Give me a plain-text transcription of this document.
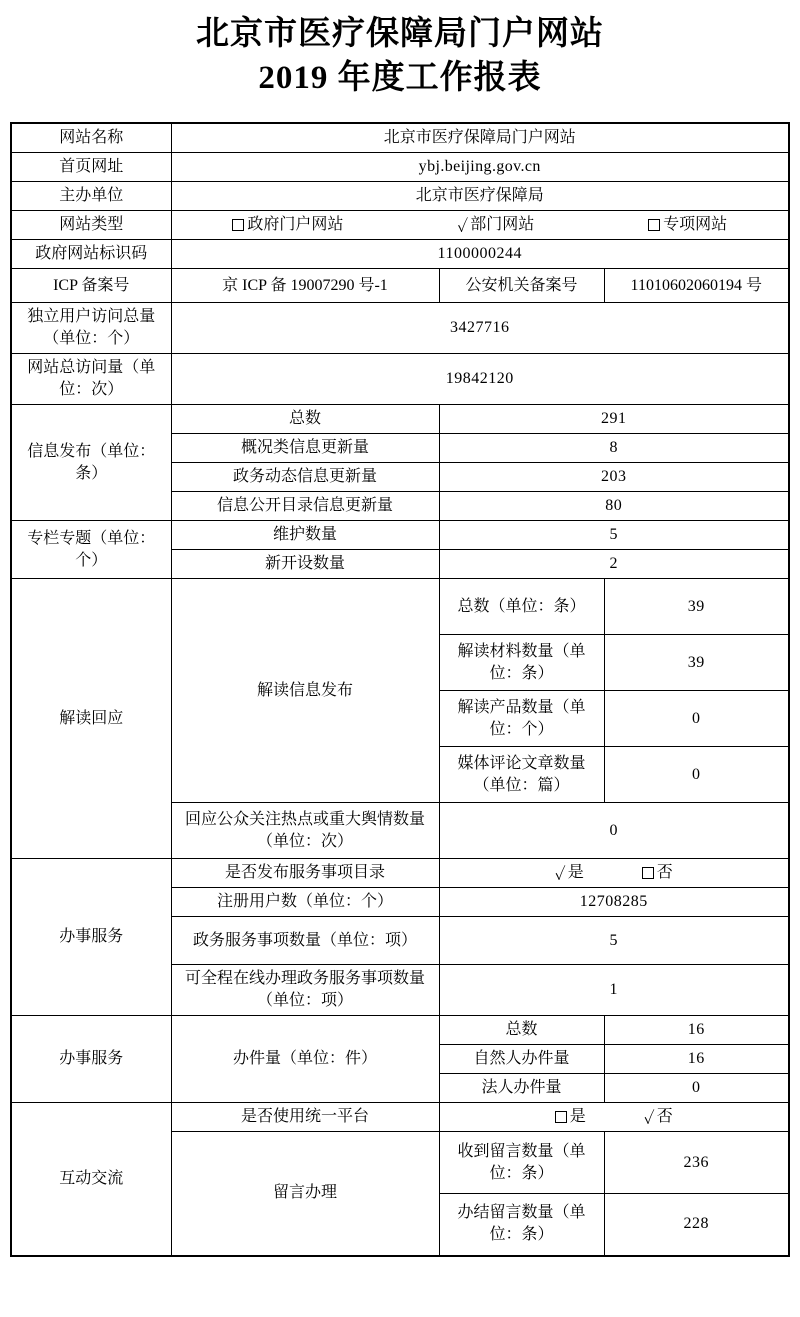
北京市医疗保障局门户网站
2019 年度工作报表
网站名称	北京市医疗保障局门户网站		
首页网址	ybj.beijing.gov.cn		
主办单位	北京市医疗保障局		
网站类型	政府门户网站 ✓ 部门网站 专项网站		

政府网站标识码	1100000244		
ICP 备案号	京 ICP 备 19007290 号-1	公安机关备案号	11010602060194 号
独立用户访问总量（单位：个）	3427716		
网站总访问量（单位：次）	19842120		
信息发布（单位：条）	总数	291	
	概况类信息更新量	8	
	政务动态信息更新量	203	
	信息公开目录信息更新量	80	
专栏专题（单位：个）	维护数量	5	
	新开设数量	2	
解读回应	解读信息发布	总数（单位：条）	39
		解读材料数量（单位：条）	39
		解读产品数量（单位：个）	0
		媒体评论文章数量（单位：篇）	0
	回应公众关注热点或重大舆情数量（单位：次）	0	
办事服务	是否发布服务事项目录	✓ 是 否	

	注册用户数（单位：个）	12708285	
	政务服务事项数量（单位：项）	5	
	可全程在线办理政务服务事项数量（单位：项）	1	
办事服务	办件量（单位：件）	总数	16
		自然人办件量	16
		法人办件量	0
互动交流	是否使用统一平台	是 ✓ 否	

	留言办理	收到留言数量（单位：条）	236
		办结留言数量（单位：条）	228
